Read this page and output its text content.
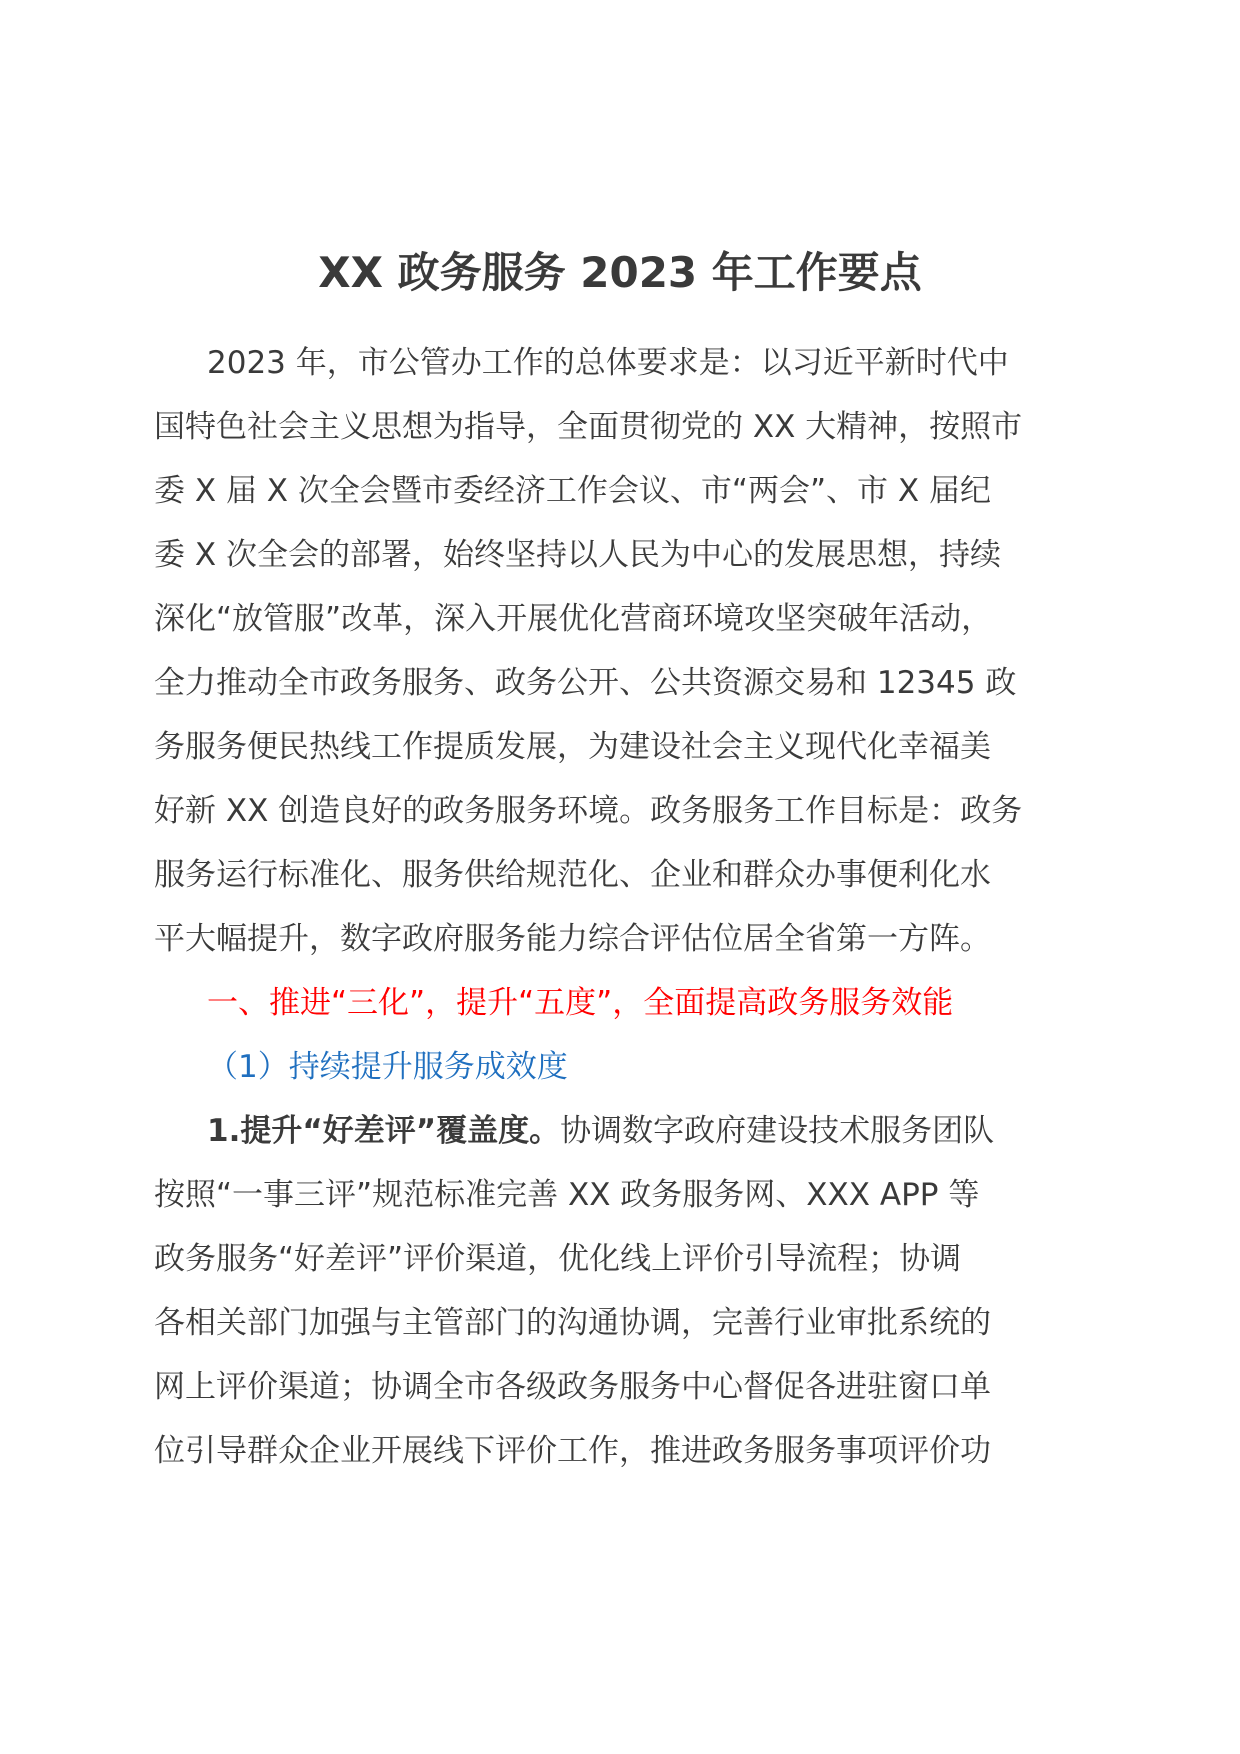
XX 政务服务 2023 年工作要点
2023 年，市公管办工作的总体要求是：以习近平新时代中
国特色社会主义思想为指导，全面贯彻党的 XX 大精神，按照市
委 X 届 X 次全会暨市委经济工作会议、市“两会”、市 X 届纪
委 X 次全会的部署，始终坚持以人民为中心的发展思想，持续
深化“放管服”改革，深入开展优化营商环境攻坚突破年活动，
全力推动全市政务服务、政务公开、公共资源交易和 12345 政
务服务便民热线工作提质发展，为建设社会主义现代化幸福美
好新 XX 创造良好的政务服务环境。政务服务工作目标是：政务
服务运行标准化、服务供给规范化、企业和群众办事便利化水
平大幅提升，数字政府服务能力综合评估位居全省第一方阵。
一、推进“三化”，提升“五度”，全面提高政务服务效能
（1）持续提升服务成效度
1.提升“好差评”覆盖度。协调数字政府建设技术服务团队
按照“一事三评”规范标准完善 XX 政务服务网、XXX APP 等
政务服务“好差评”评价渠道，优化线上评价引导流程；协调
各相关部门加强与主管部门的沟通协调，完善行业审批系统的
网上评价渠道；协调全市各级政务服务中心督促各进驻窗口单
位引导群众企业开展线下评价工作，推进政务服务事项评价功
